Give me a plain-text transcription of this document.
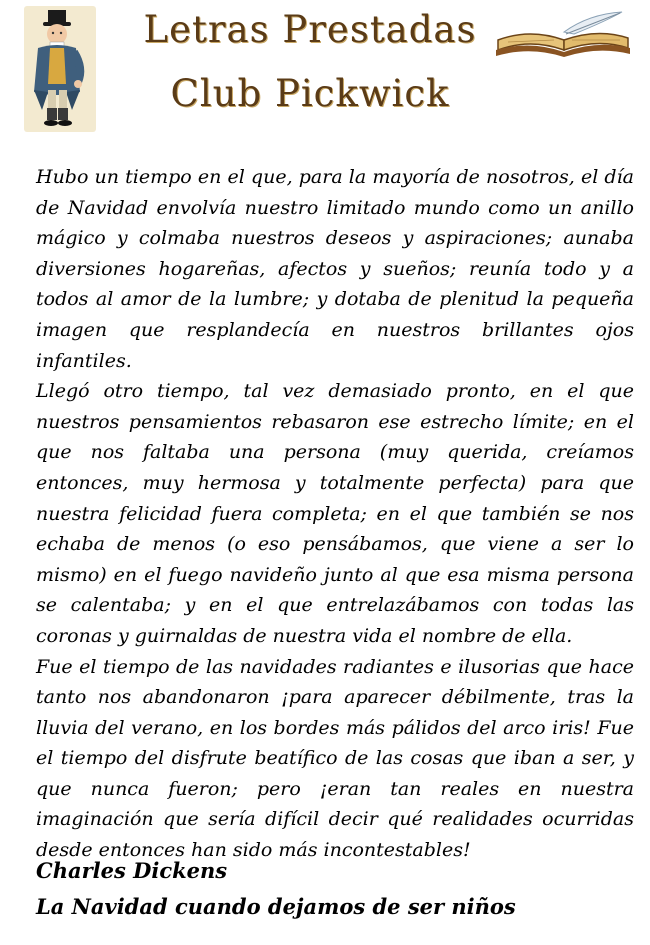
Letras Prestadas
Club Pickwick

Hubo un tiempo en el que, para la mayoría de nosotros, el día de Navidad envolvía nuestro limitado mundo como un anillo mágico y colmaba nuestros deseos y aspiraciones; aunaba diversiones hogareñas, afectos y sueños; reunía todo y a todos al amor de la lumbre; y dotaba de plenitud la pequeña imagen que resplandecía en nuestros brillantes ojos infantiles.

Llegó otro tiempo, tal vez demasiado pronto, en el que nuestros pensamientos rebasaron ese estrecho límite; en el que nos faltaba una persona (muy querida, creíamos entonces, muy hermosa y totalmente perfecta) para que nuestra felicidad fuera completa; en el que también se nos echaba de menos (o eso pensábamos, que viene a ser lo mismo) en el fuego navideño junto al que esa misma persona se calentaba; y en el que entrelazábamos con todas las coronas y guirnaldas de nuestra vida el nombre de ella.

Fue el tiempo de las navidades radiantes e ilusorias que hace tanto nos abandonaron ¡para aparecer débilmente, tras la lluvia del verano, en los bordes más pálidos del arco iris! Fue el tiempo del disfrute beatífico de las cosas que iban a ser, y que nunca fueron; pero ¡eran tan reales en nuestra imaginación que sería difícil decir qué realidades ocurridas desde entonces han sido más incontestables!

Charles Dickens
La Navidad cuando dejamos de ser niños
